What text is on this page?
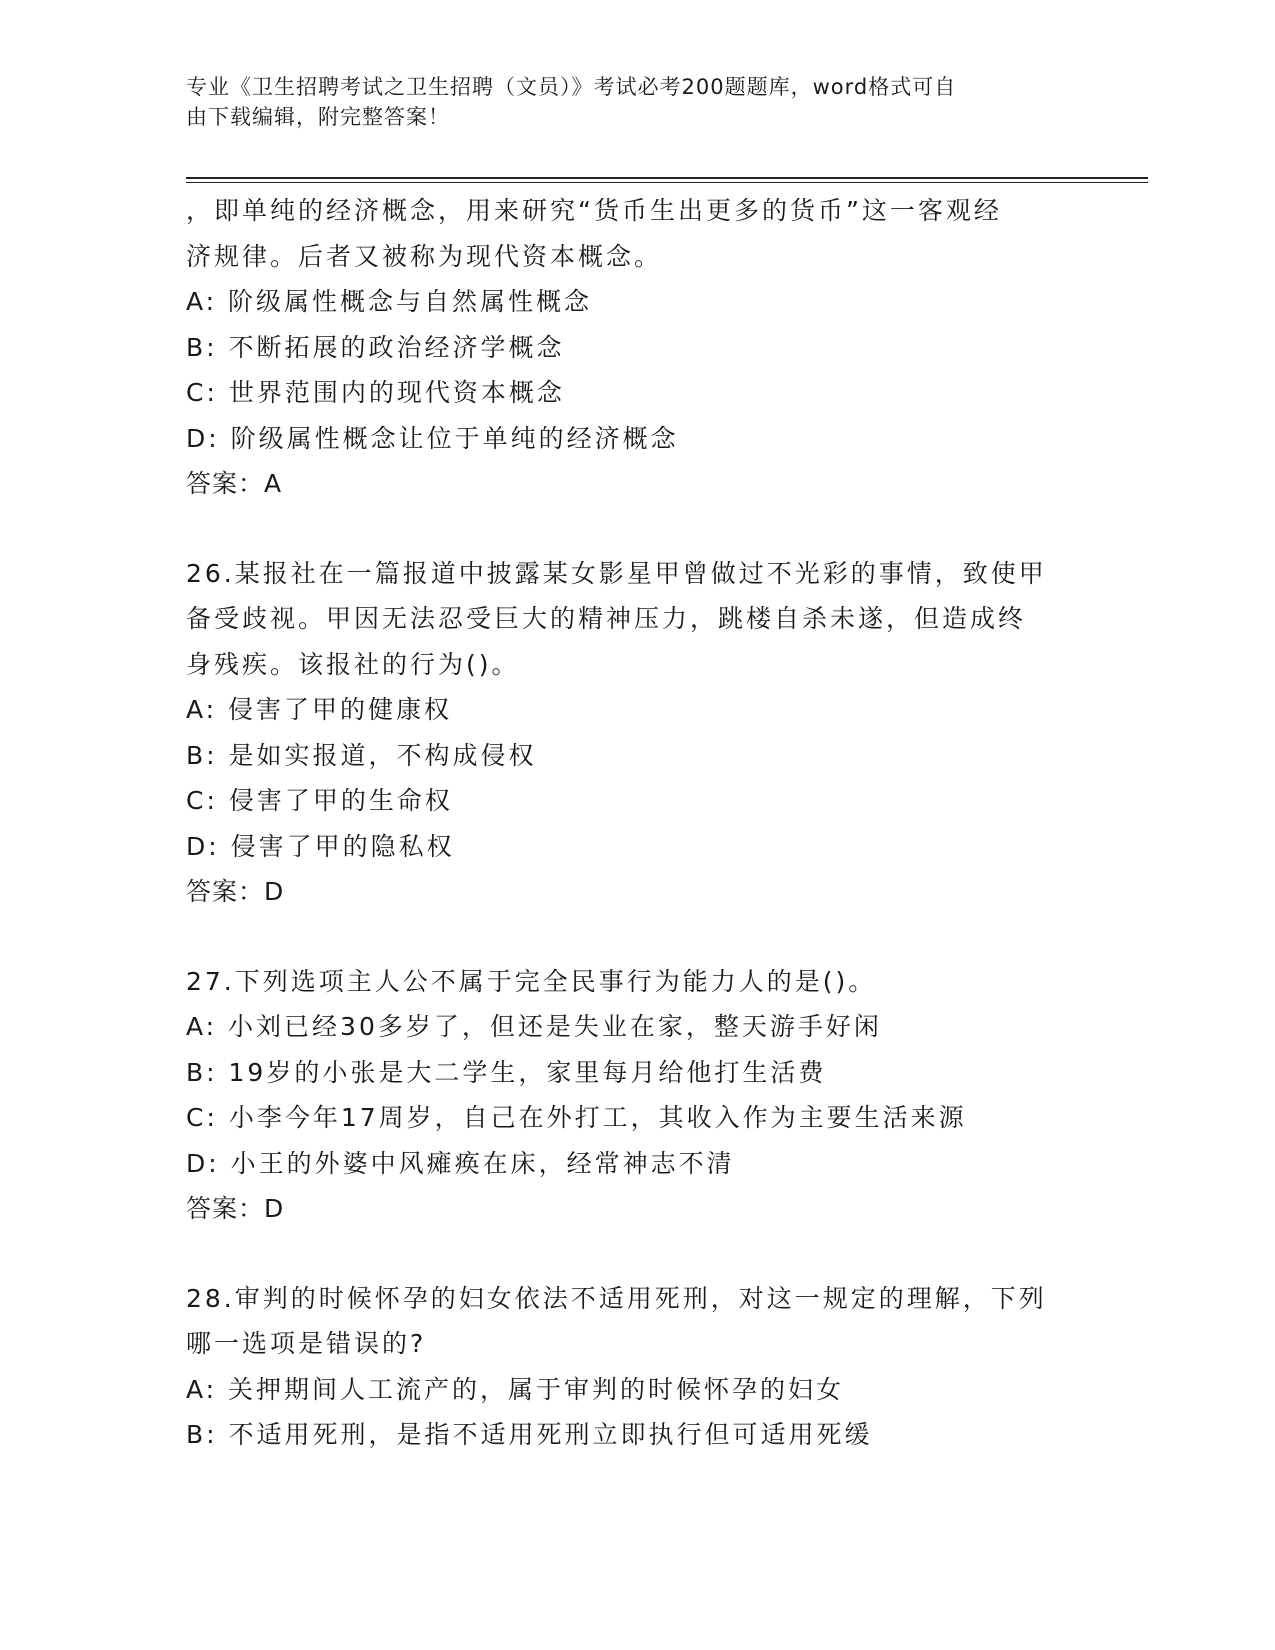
专业《卫生招聘考试之卫生招聘（文员）》考试必考200题题库，word格式可自
由下载编辑，附完整答案！
，即单纯的经济概念，用来研究“货币生出更多的货币”这一客观经
济规律。后者又被称为现代资本概念。
A: 阶级属性概念与自然属性概念
B: 不断拓展的政治经济学概念
C: 世界范围内的现代资本概念
D: 阶级属性概念让位于单纯的经济概念
答案：A
26.某报社在一篇报道中披露某女影星甲曾做过不光彩的事情，致使甲
备受歧视。甲因无法忍受巨大的精神压力，跳楼自杀未遂，但造成终
身残疾。该报社的行为()。
A: 侵害了甲的健康权
B: 是如实报道，不构成侵权
C: 侵害了甲的生命权
D: 侵害了甲的隐私权
答案：D
27.下列选项主人公不属于完全民事行为能力人的是()。
A: 小刘已经30多岁了，但还是失业在家，整天游手好闲
B: 19岁的小张是大二学生，家里每月给他打生活费
C: 小李今年17周岁，自己在外打工，其收入作为主要生活来源
D: 小王的外婆中风瘫痪在床，经常神志不清
答案：D
28.审判的时候怀孕的妇女依法不适用死刑，对这一规定的理解，下列
哪一选项是错误的?
A: 关押期间人工流产的，属于审判的时候怀孕的妇女
B: 不适用死刑，是指不适用死刑立即执行但可适用死缓
